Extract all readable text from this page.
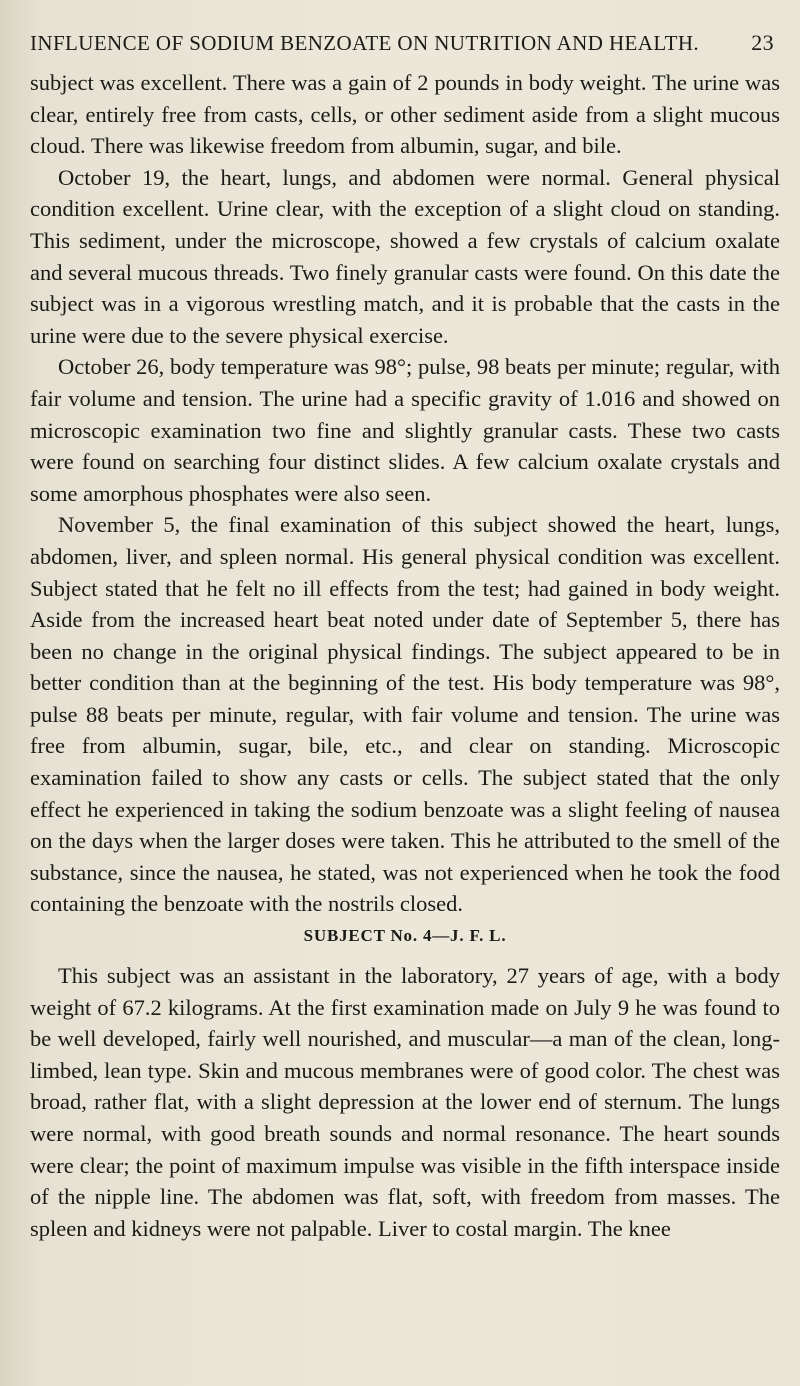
INFLUENCE OF SODIUM BENZOATE ON NUTRITION AND HEALTH. 23

subject was excellent. There was a gain of 2 pounds in body weight. The urine was clear, entirely free from casts, cells, or other sediment aside from a slight mucous cloud. There was likewise freedom from albumin, sugar, and bile.

October 19, the heart, lungs, and abdomen were normal. General physical condition excellent. Urine clear, with the exception of a slight cloud on standing. This sediment, under the microscope, showed a few crystals of calcium oxalate and several mucous threads. Two finely granular casts were found. On this date the subject was in a vigorous wrestling match, and it is probable that the casts in the urine were due to the severe physical exercise.

October 26, body temperature was 98°; pulse, 98 beats per minute; regular, with fair volume and tension. The urine had a specific gravity of 1.016 and showed on microscopic examination two fine and slightly granular casts. These two casts were found on searching four distinct slides. A few calcium oxalate crystals and some amorphous phosphates were also seen.

November 5, the final examination of this subject showed the heart, lungs, abdomen, liver, and spleen normal. His general physical condition was excellent. Subject stated that he felt no ill effects from the test; had gained in body weight. Aside from the increased heart beat noted under date of September 5, there has been no change in the original physical findings. The subject appeared to be in better condition than at the beginning of the test. His body temperature was 98°, pulse 88 beats per minute, regular, with fair volume and tension. The urine was free from albumin, sugar, bile, etc., and clear on standing. Microscopic examination failed to show any casts or cells. The subject stated that the only effect he experienced in taking the sodium benzoate was a slight feeling of nausea on the days when the larger doses were taken. This he attributed to the smell of the substance, since the nausea, he stated, was not experienced when he took the food containing the benzoate with the nostrils closed.

SUBJECT No. 4—J. F. L.

This subject was an assistant in the laboratory, 27 years of age, with a body weight of 67.2 kilograms. At the first examination made on July 9 he was found to be well developed, fairly well nourished, and muscular—a man of the clean, long-limbed, lean type. Skin and mucous membranes were of good color. The chest was broad, rather flat, with a slight depression at the lower end of sternum. The lungs were normal, with good breath sounds and normal resonance. The heart sounds were clear; the point of maximum impulse was visible in the fifth interspace inside of the nipple line. The abdomen was flat, soft, with freedom from masses. The spleen and kidneys were not palpable. Liver to costal margin. The knee
